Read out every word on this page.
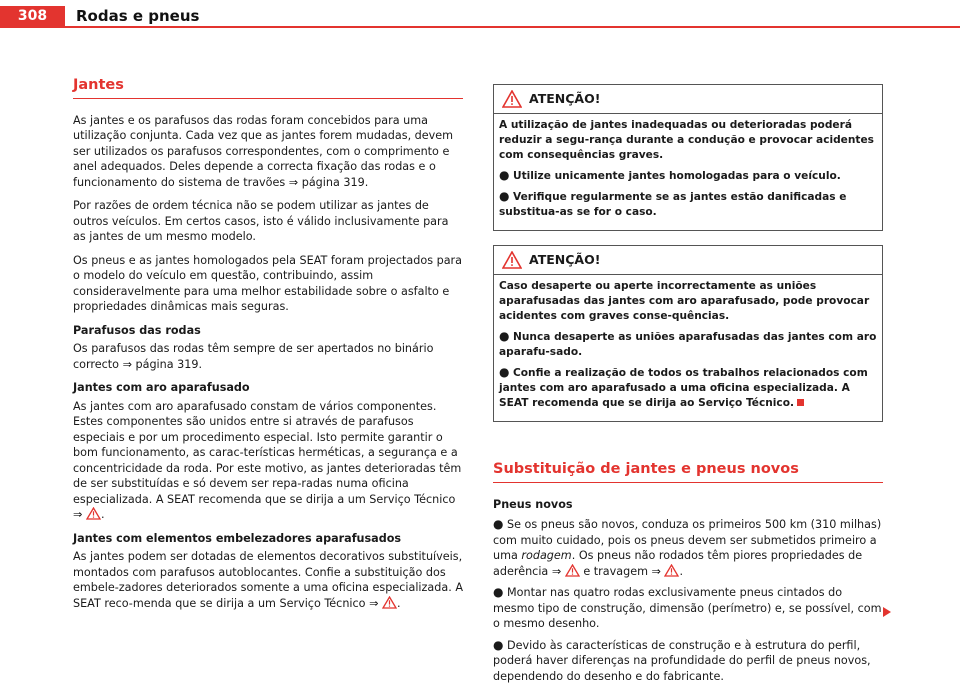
308	Rodas e pneus
Jantes

As jantes e os parafusos das rodas foram concebidos para uma utilização conjunta. Cada vez que as jantes forem mudadas, devem ser utilizados os parafusos correspondentes, com o comprimento e anel adequados. Deles depende a correcta fixação das rodas e o funcionamento do sistema de travões ⇒ página 319.

Por razões de ordem técnica não se podem utilizar as jantes de outros veículos. Em certos casos, isto é válido inclusivamente para as jantes de um mesmo modelo.

Os pneus e as jantes homologados pela SEAT foram projectados para o modelo do veículo em questão, contribuindo, assim consideravelmente para uma melhor estabilidade sobre o asfalto e propriedades dinâmicas mais seguras.

Parafusos das rodas

Os parafusos das rodas têm sempre de ser apertados no binário correcto ⇒ página 319.

Jantes com aro aparafusado

As jantes com aro aparafusado constam de vários componentes. Estes componentes são unidos entre si através de parafusos especiais e por um procedimento especial. Isto permite garantir o bom funcionamento, as carac-terísticas herméticas, a segurança e a concentricidade da roda. Por este motivo, as jantes deterioradas têm de ser substituídas e só devem ser repa-radas numa oficina especializada. A SEAT recomenda que se dirija a um Serviço Técnico ⇒ .

Jantes com elementos embelezadores aparafusados

As jantes podem ser dotadas de elementos decorativos substituíveis, montados com parafusos autoblocantes. Confie a substituição dos embele-zadores deteriorados somente a uma oficina especializada. A SEAT reco-menda que se dirija a um Serviço Técnico ⇒ .

ATENÇÃO!

A utilização de jantes inadequadas ou deterioradas poderá reduzir a segu-rança durante a condução e provocar acidentes com consequências graves.

● Utilize unicamente jantes homologadas para o veículo.
● Verifique regularmente se as jantes estão danificadas e substitua-as se for o caso.
ATENÇÃO!

Caso desaperte ou aperte incorrectamente as uniões aparafusadas das jantes com aro aparafusado, pode provocar acidentes com graves conse-quências.

● Nunca desaperte as uniões aparafusadas das jantes com aro aparafu-sado.
● Confie a realização de todos os trabalhos relacionados com jantes com aro aparafusado a uma oficina especializada. A SEAT recomenda que se dirija ao Serviço Técnico.
Substituição de jantes e pneus novos
Pneus novos
● Se os pneus são novos, conduza os primeiros 500 km (310 milhas) com muito cuidado, pois os pneus devem ser submetidos primeiro a uma rodagem. Os pneus não rodados têm piores propriedades de aderência ⇒  e travagem ⇒ .
● Montar nas quatro rodas exclusivamente pneus cintados do mesmo tipo de construção, dimensão (perímetro) e, se possível, com o mesmo desenho.
● Devido às características de construção e à estrutura do perfil, poderá haver diferenças na profundidade do perfil de pneus novos, dependendo do desenho e do fabricante.
